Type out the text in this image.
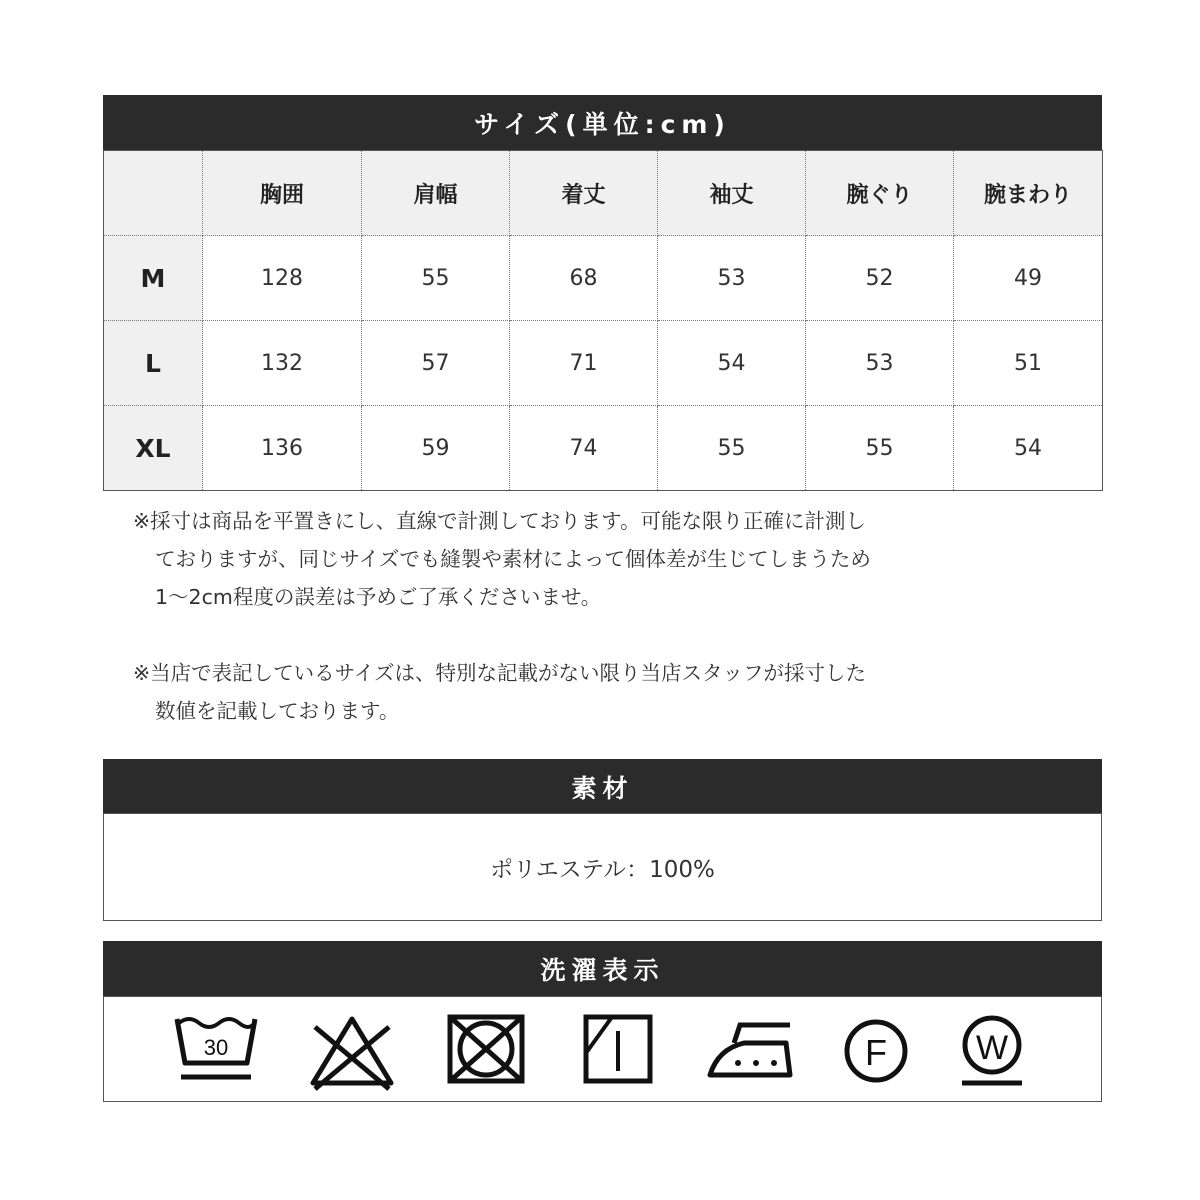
サイズ(単位:cm)
	胸囲	肩幅	着丈	袖丈	腕ぐり	腕まわり
M	128	55	68	53	52	49
L	132	57	71	54	53	51
XL	136	59	74	55	55	54
※採寸は商品を平置きにし、直線で計測しております。可能な限り正確に計測し
ておりますが、同じサイズでも縫製や素材によって個体差が生じてしまうため
1～2cm程度の誤差は予めご了承くださいませ。
※当店で表記しているサイズは、特別な記載がない限り当店スタッフが採寸した
数値を記載しております。
素材
ポリエステル：100%
洗濯表示
30	F	W
